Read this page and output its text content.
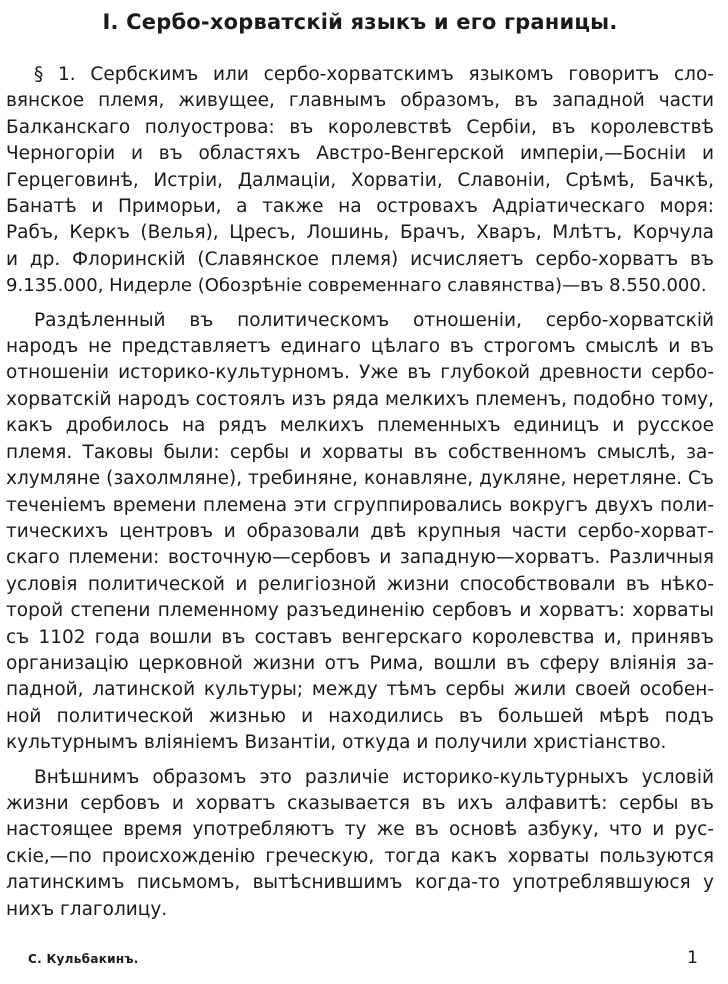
I. Сербо-хорватскій языкъ и его границы.

§ 1. Сербскимъ или сербо-хорватскимъ языкомъ говоритъ сло-
вянское племя, живущее, главнымъ образомъ, въ западной части
Балканскаго полуострова: въ королевствѣ Сербіи, въ королевствѣ
Черногоріи и въ областяхъ Австро-Венгерской имперіи,—Босніи и
Герцеговинѣ, Истріи, Далмаціи, Хорватіи, Славоніи, Срѣмѣ, Бачкѣ,
Банатѣ и Приморьи, а также на островахъ Адріатическаго моря:
Рабъ, Керкъ (Велья), Цресъ, Лошинь, Брачъ, Хваръ, Млѣтъ, Корчула
и др. Флоринскій (Славянское племя) исчисляетъ сербо-хорватъ въ
9.135.000, Нидерле (Обозрѣніе современнаго славянства)—въ 8.550.000.

Раздѣленный въ политическомъ отношеніи, сербо-хорватскій
народъ не представляетъ единаго цѣлаго въ строгомъ смыслѣ и въ
отношеніи историко-культурномъ. Уже въ глубокой древности сербо-
хорватскій народъ состоялъ изъ ряда мелкихъ племенъ, подобно тому,
какъ дробилось на рядъ мелкихъ племенныхъ единицъ и русское
племя. Таковы были: сербы и хорваты въ собственномъ смыслѣ, за-
хлумляне (захолмляне), требиняне, конавляне, дукляне, неретляне. Съ
теченіемъ времени племена эти сгруппировались вокругъ двухъ поли-
тическихъ центровъ и образовали двѣ крупныя части сербо-хорват-
скаго племени: восточную—сербовъ и западную—хорватъ. Различныя
условія политической и религіозной жизни способствовали въ нѣко-
торой степени племенному разъединенію сербовъ и хорватъ: хорваты
съ 1102 года вошли въ составъ венгерскаго королевства и, принявъ
организацію церковной жизни отъ Рима, вошли въ сферу вліянія за-
падной, латинской культуры; между тѣмъ сербы жили своей особен-
ной политической жизнью и находились въ большей мѣрѣ подъ
культурнымъ вліяніемъ Византіи, откуда и получили христіанство.

Внѣшнимъ образомъ это различіе историко-культурныхъ условій
жизни сербовъ и хорватъ сказывается въ ихъ алфавитѣ: сербы въ
настоящее время употребляютъ ту же въ основѣ азбуку, что и рус-
скіе,—по происхожденію греческую, тогда какъ хорваты пользуются
латинскимъ письмомъ, вытѣснившимъ когда-то употреблявшуюся у
нихъ глаголицу.

С. Кульбакинъ.	1
